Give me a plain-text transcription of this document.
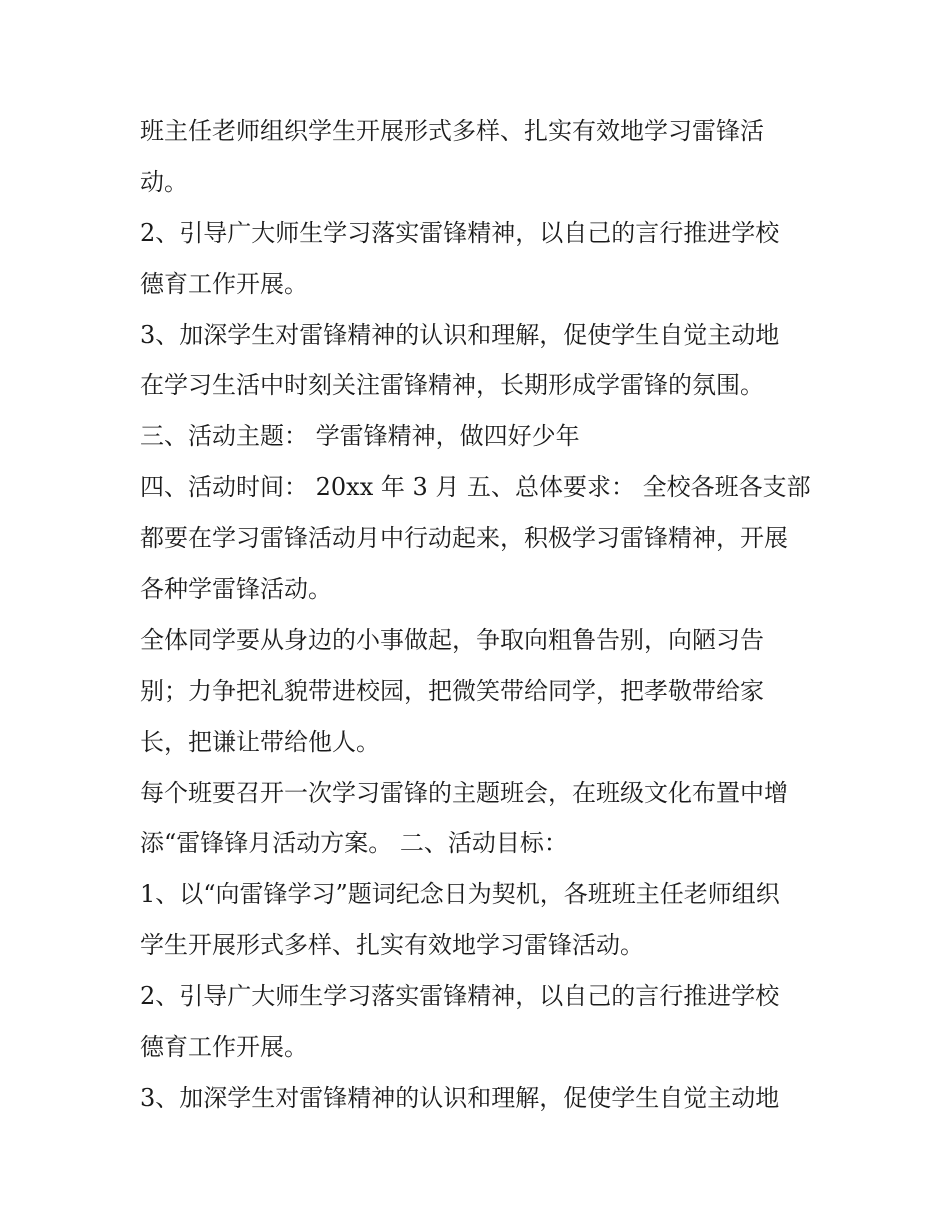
班主任老师组织学生开展形式多样、扎实有效地学习雷锋活
动。
2、引导广大师生学习落实雷锋精神，以自己的言行推进学校
德育工作开展。
3、加深学生对雷锋精神的认识和理解，促使学生自觉主动地
在学习生活中时刻关注雷锋精神，长期形成学雷锋的氛围。
三、活动主题： 学雷锋精神，做四好少年
四、活动时间： 20xx 年 3 月 五、总体要求： 全校各班各支部
都要在学习雷锋活动月中行动起来，积极学习雷锋精神，开展
各种学雷锋活动。
全体同学要从身边的小事做起，争取向粗鲁告别，向陋习告
别；力争把礼貌带进校园，把微笑带给同学，把孝敬带给家
长，把谦让带给他人。
每个班要召开一次学习雷锋的主题班会，在班级文化布置中增
添“雷锋锋月活动方案。 二、活动目标：
1、以“向雷锋学习”题词纪念日为契机，各班班主任老师组织
学生开展形式多样、扎实有效地学习雷锋活动。
2、引导广大师生学习落实雷锋精神，以自己的言行推进学校
德育工作开展。
3、加深学生对雷锋精神的认识和理解，促使学生自觉主动地
